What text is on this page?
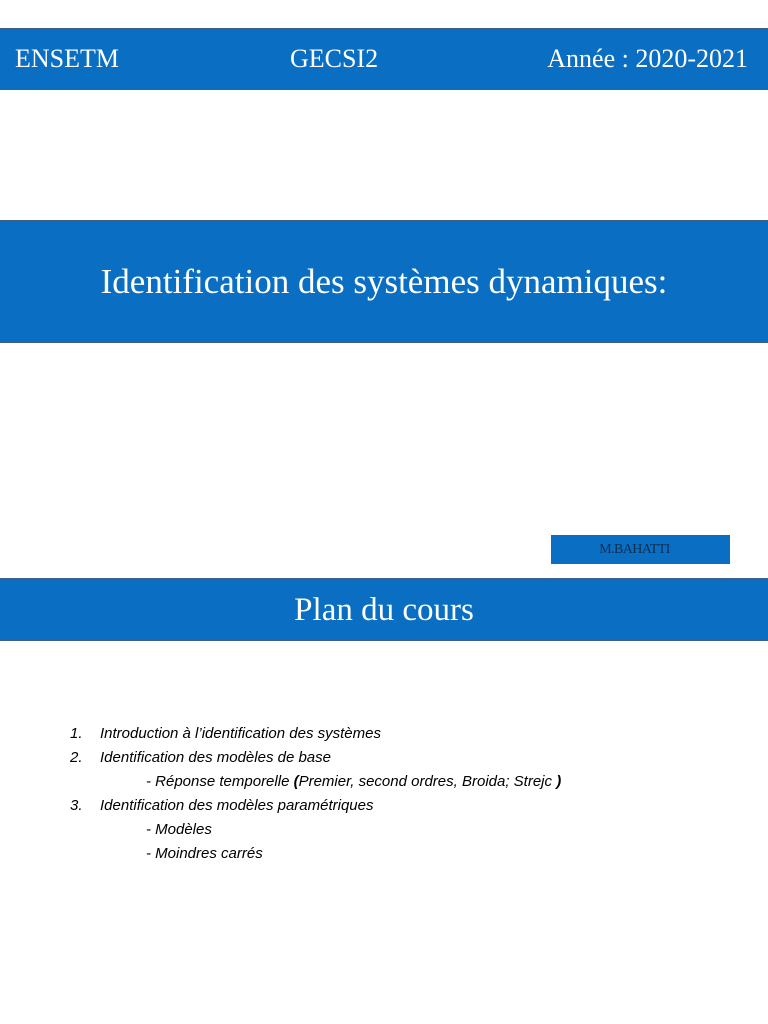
ENSETM	GECSI2	Année : 2020-2021
Identification des systèmes dynamiques:
M.BAHATTI
Plan du cours
1. Introduction à l’identification des systèmes
2. Identification des modèles de base
- Réponse temporelle (Premier, second ordres, Broida; Strejc )
3. Identification des modèles paramétriques
- Modèles
- Moindres carrés
